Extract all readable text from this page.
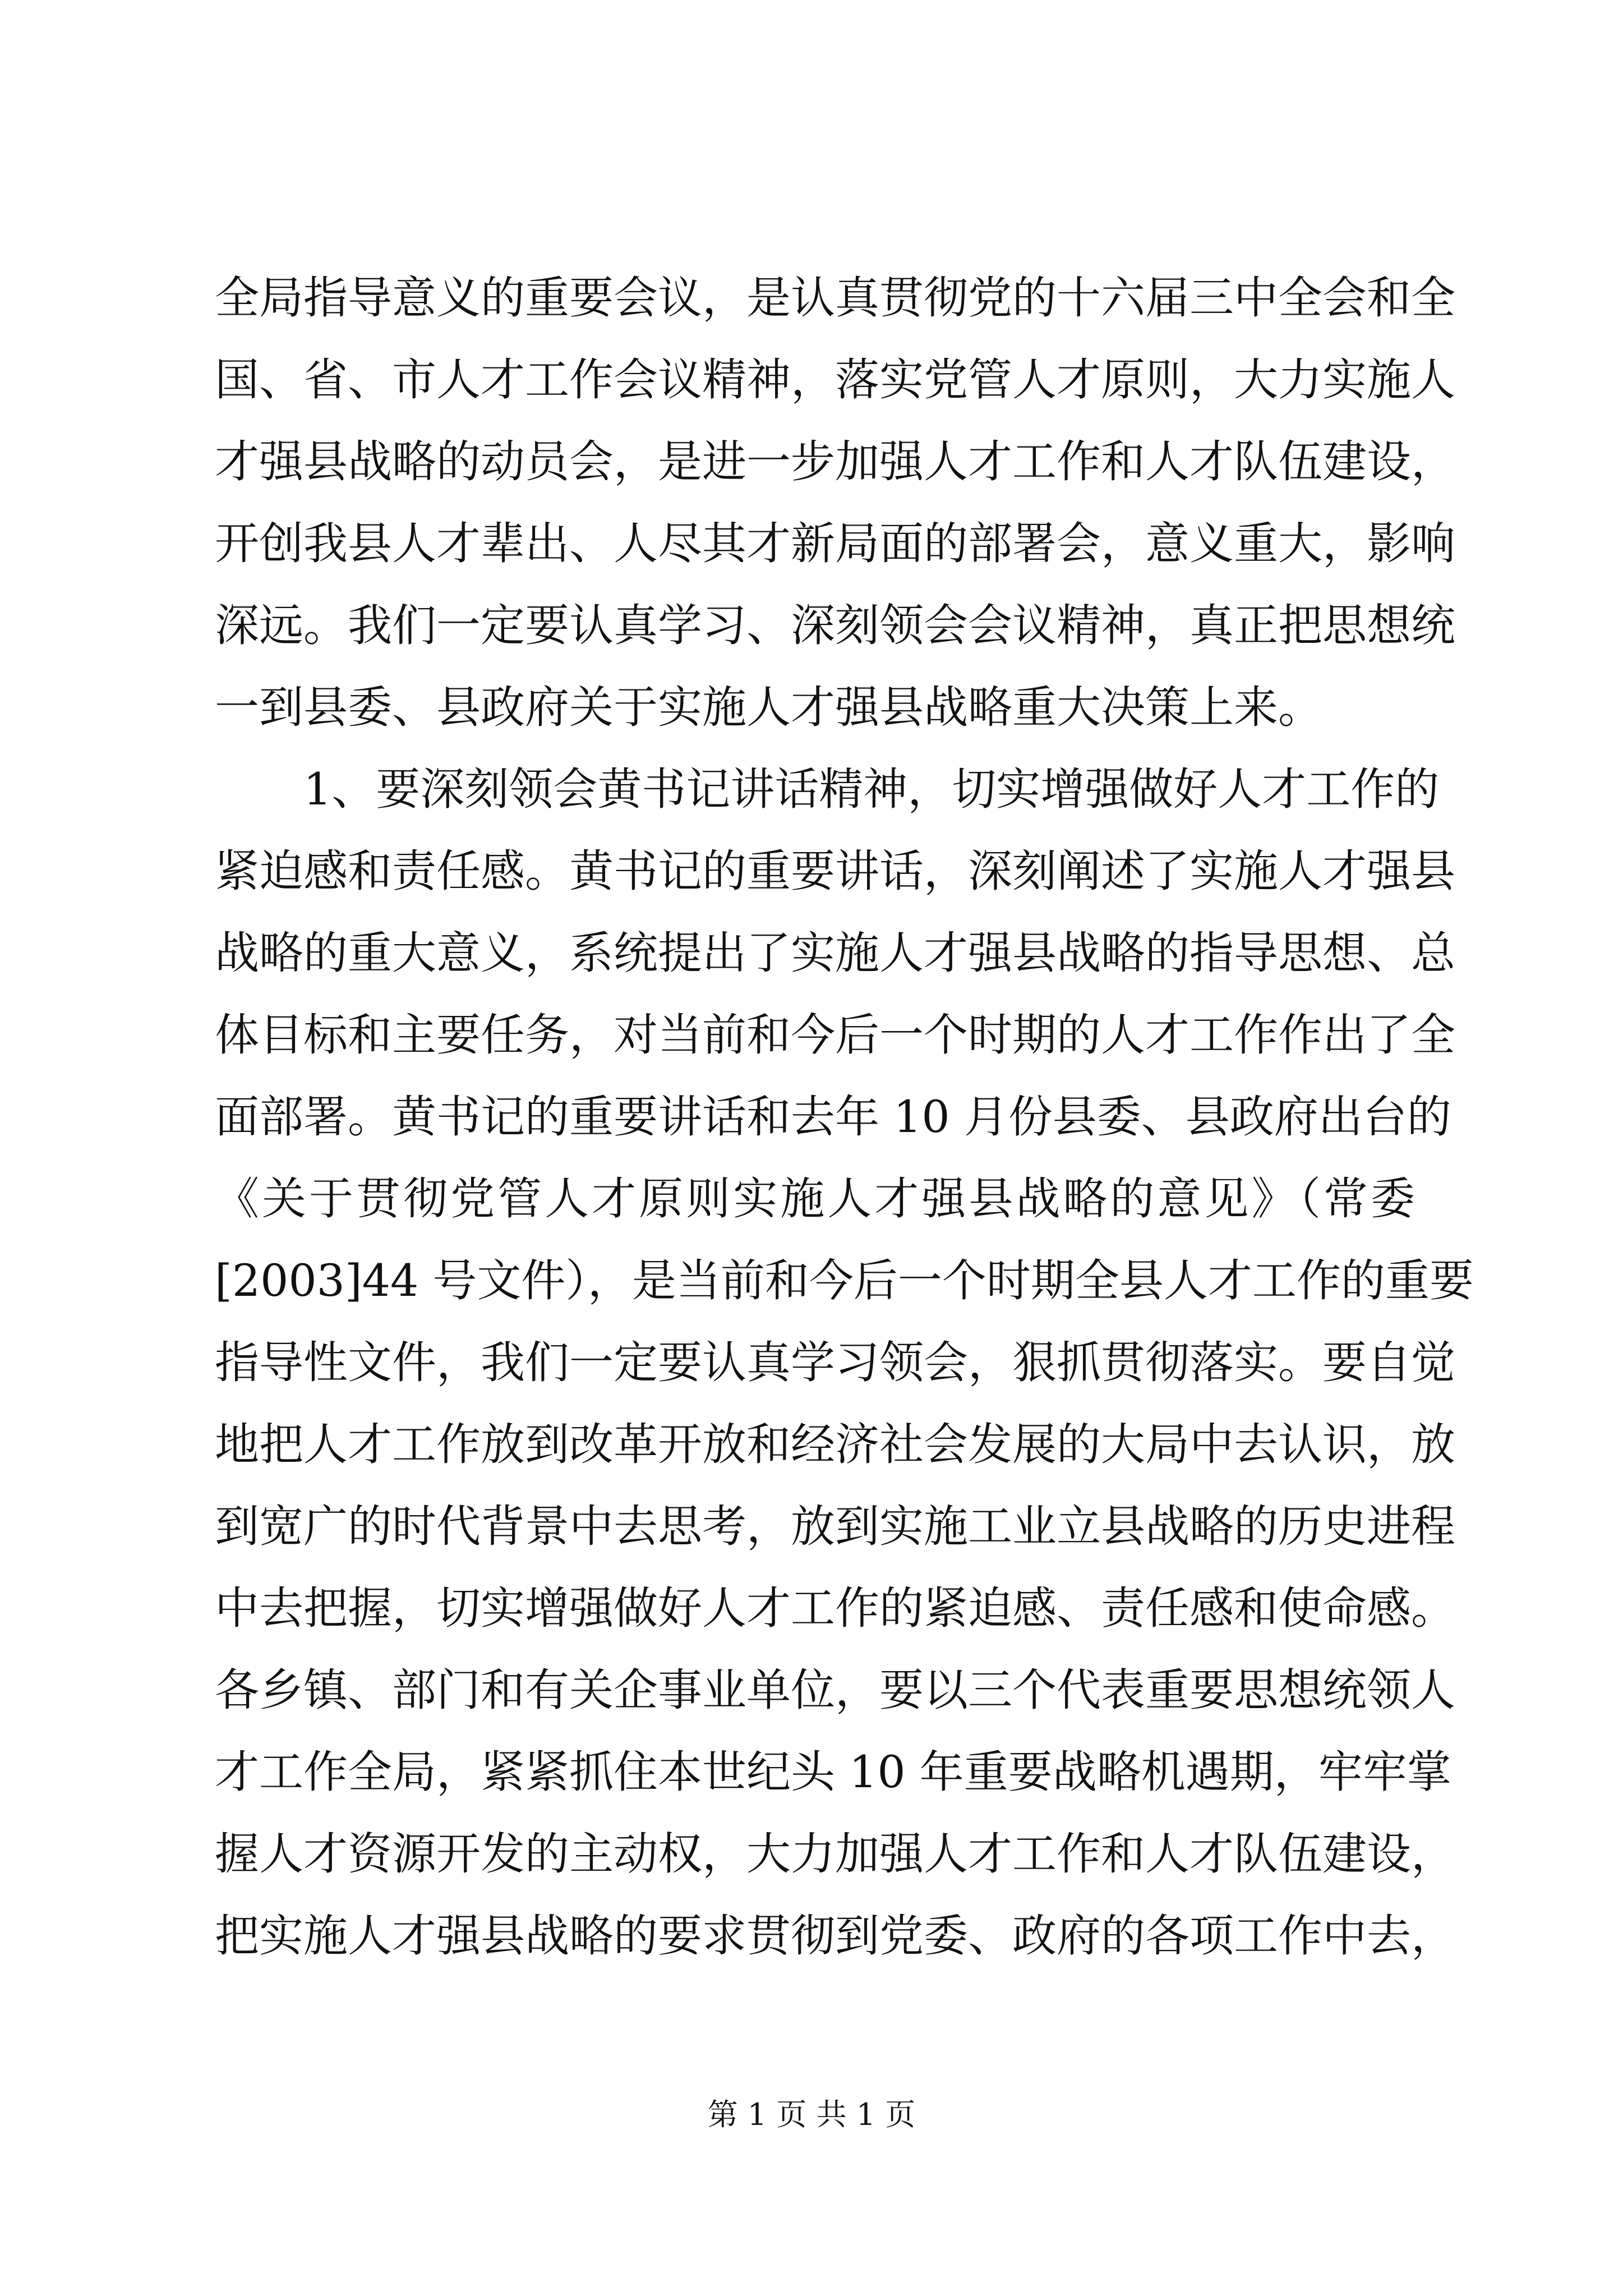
全局指导意义的重要会议，是认真贯彻党的十六届三中全会和全
国、省、市人才工作会议精神，落实党管人才原则，大力实施人
才强县战略的动员会，是进一步加强人才工作和人才队伍建设，
开创我县人才辈出、人尽其才新局面的部署会，意义重大，影响
深远。我们一定要认真学习、深刻领会会议精神，真正把思想统
一到县委、县政府关于实施人才强县战略重大决策上来。
　　1、要深刻领会黄书记讲话精神，切实增强做好人才工作的
紧迫感和责任感。黄书记的重要讲话，深刻阐述了实施人才强县
战略的重大意义，系统提出了实施人才强县战略的指导思想、总
体目标和主要任务，对当前和今后一个时期的人才工作作出了全
面部署。黄书记的重要讲话和去年 10 月份县委、县政府出台的
《关于贯彻党管人才原则实施人才强县战略的意见》（常委
[2003]44 号文件），是当前和今后一个时期全县人才工作的重要
指导性文件，我们一定要认真学习领会，狠抓贯彻落实。要自觉
地把人才工作放到改革开放和经济社会发展的大局中去认识，放
到宽广的时代背景中去思考，放到实施工业立县战略的历史进程
中去把握，切实增强做好人才工作的紧迫感、责任感和使命感。
各乡镇、部门和有关企事业单位，要以三个代表重要思想统领人
才工作全局，紧紧抓住本世纪头 10 年重要战略机遇期，牢牢掌
握人才资源开发的主动权，大力加强人才工作和人才队伍建设，
把实施人才强县战略的要求贯彻到党委、政府的各项工作中去，
第 1 页 共 1 页
